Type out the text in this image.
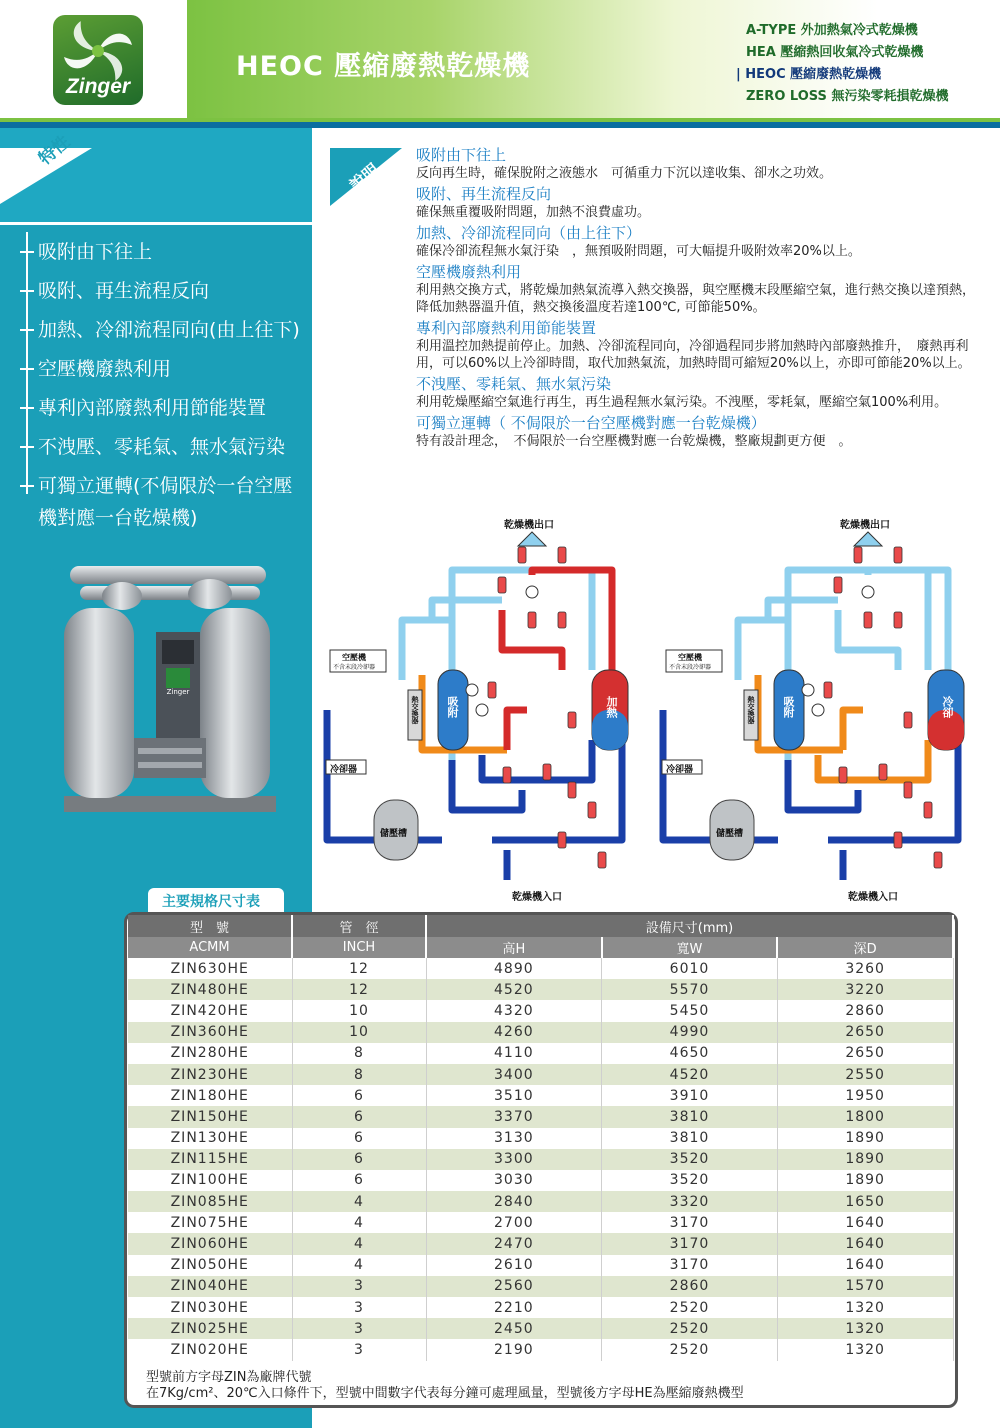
Zinger
HEOC 壓縮廢熱乾燥機
A-TYPE 外加熱氣冷式乾燥機
HEA 壓縮熱回收氣冷式乾燥機
| HEOC 壓縮廢熱乾燥機
ZERO LOSS 無污染零耗損乾燥機
特性
吸附由下往上
吸附、再生流程反向
加熱、冷卻流程同向(由上往下)
空壓機廢熱利用
專利內部廢熱利用節能裝置
不洩壓、零耗氣、無水氣污染
可獨立運轉(不侷限於一台空壓機對應一台乾燥機)
Zinger
說明
吸附由下往上
反向再生時，確保脫附之液態水　可循重力下沉以達收集、卻水之功效。
吸附、再生流程反向
確保無重覆吸附問題，加熱不浪費虛功。
加熱、冷卻流程同向（由上往下）
確保冷卻流程無水氣汙染　，無預吸附問題，可大幅提升吸附效率20%以上。
空壓機廢熱利用
利用熱交換方式，將乾燥加熱氣流導入熱交換器，與空壓機末段壓縮空氣，進行熱交換以達預熱，降低加熱器溫升值，熱交換後溫度若達100℃, 可節能50%。
專利內部廢熱利用節能裝置
利用溫控加熱提前停止。加熱、冷卻流程同向，冷卻過程同步將加熱時內部廢熱推升，　廢熱再利用，可以60%以上冷卻時間，取代加熱氣流，加熱時間可縮短20%以上，亦即可節能20%以上。
不洩壓、零耗氣、無水氣污染
利用乾燥壓縮空氣進行再生，再生過程無水氣污染。不洩壓，零耗氣，壓縮空氣100%利用。
可獨立運轉（ 不侷限於一台空壓機對應一台乾燥機）
特有設計理念，　不侷限於一台空壓機對應一台乾燥機，整廠規劃更方便　。
乾燥機出口
乾燥機入口
空壓機
不含末段冷卻器
冷卻器
儲壓槽
吸附	加熱
熱交換器
乾燥機出口
乾燥機入口
空壓機
不含末段冷卻器
冷卻器
儲壓槽
吸附	冷卻
熱交換器
主要規格尺寸表
型　號	管　徑	設備尺寸(mm)		
ACMM	INCH	高H	寬W	深D
ZIN630HE	12	4890	6010	3260
ZIN480HE	12	4520	5570	3220
ZIN420HE	10	4320	5450	2860
ZIN360HE	10	4260	4990	2650
ZIN280HE	8	4110	4650	2650
ZIN230HE	8	3400	4520	2550
ZIN180HE	6	3510	3910	1950
ZIN150HE	6	3370	3810	1800
ZIN130HE	6	3130	3810	1890
ZIN115HE	6	3300	3520	1890
ZIN100HE	6	3030	3520	1890
ZIN085HE	4	2840	3320	1650
ZIN075HE	4	2700	3170	1640
ZIN060HE	4	2470	3170	1640
ZIN050HE	4	2610	3170	1640
ZIN040HE	3	2560	2860	1570
ZIN030HE	3	2210	2520	1320
ZIN025HE	3	2450	2520	1320
ZIN020HE	3	2190	2520	1320
型號前方字母ZIN為廠牌代號
在7Kg/cm²、20℃入口條件下，型號中間數字代表每分鐘可處理風量，型號後方字母HE為壓縮廢熱機型
